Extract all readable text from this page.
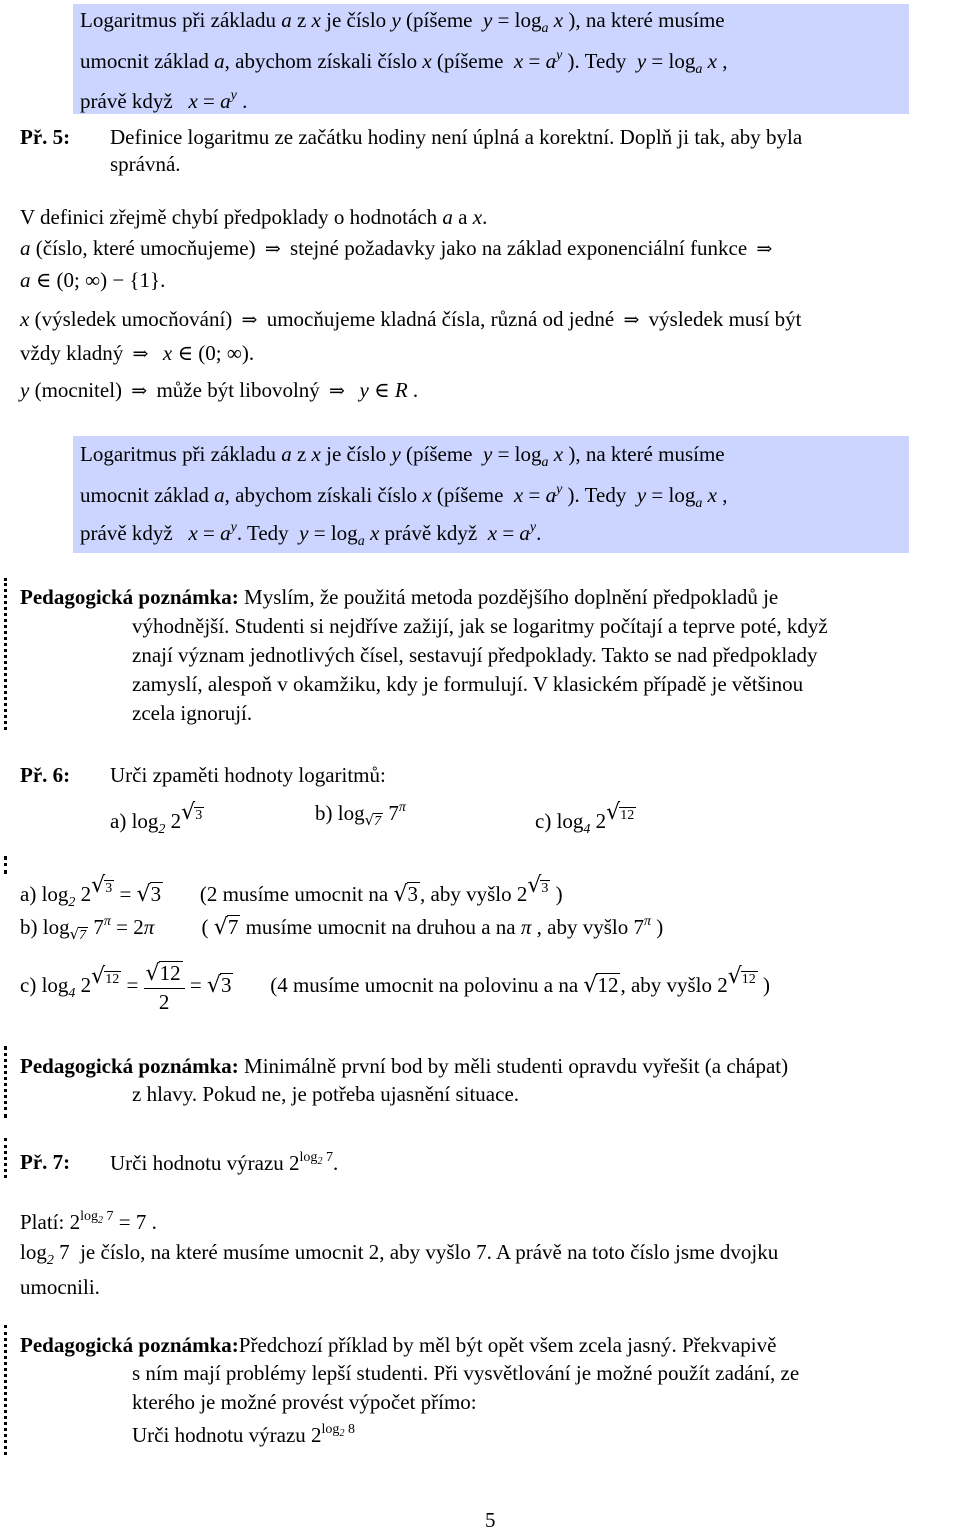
Logaritmus při základu a z x je číslo y (píšeme $y = \log_a x$ ), na které musíme
umocnit základ a, abychom získali číslo x (píšeme $x = a^y$ ). Tedy $y = \log_a x$ ,
právě když $x = a^y$ .
Př. 5: Definice logaritmu ze začátku hodiny není úplná a korektní. Doplň ji tak, aby byla
správná.
V definici zřejmě chybí předpoklady o hodnotách a a x.
a (číslo, které umocňujeme) ⇒ stejné požadavky jako na základ exponenciální funkce ⇒
a ∈ (0; ∞) − {1}.
x (výsledek umocňování) ⇒ umocňujeme kladná čísla, různá od jedné ⇒ výsledek musí být
vždy kladný ⇒ x ∈ (0; ∞).
y (mocnitel) ⇒ může být libovolný ⇒ y ∈ R .
Logaritmus při základu a z x je číslo y (píšeme $y = \log_a x$ ), na které musíme
umocnit základ a, abychom získali číslo x (píšeme $x = a^y$ ). Tedy $y = \log_a x$ ,
právě když $x = a^y$. Tedy $y = \log_a x$ právě když $x = a^y$.
Pedagogická poznámka: Myslím, že použitá metoda pozdějšího doplnění předpokladů je
výhodnější. Studenti si nejdříve zažijí, jak se logaritmy počítají a teprve poté, když
znají význam jednotlivých čísel, sestavují předpoklady. Takto se nad předpoklady
zamyslí, alespoň v okamžiku, kdy je formulují. V klasickém případě je většinou
zcela ignorují.
Př. 6: Urči zpaměti hodnoty logaritmů:
a) $\log_2 2^{√3}$	b) $\log_{√7} 7^\pi$
c) $\log_4 2^{√12}$
a) $\log_2 2^{√3} = √3$ (2 musíme umocnit na √3, aby vyšlo $2^{√3}$ )
b) $\log_{√7} 7^\pi = 2\pi$         ( √7 musíme umocnit na druhou a na π , aby vyšlo $7^\pi$ )
c) $\log_4 2^{√12} = \frac{√12}{2} = √3$ (4 musíme umocnit na polovinu a na √12, aby vyšlo $2^{√12}$ )
Pedagogická poznámka: Minimálně první bod by měli studenti opravdu vyřešit (a chápat)
z hlavy. Pokud ne, je potřeba ujasnění situace.
Př. 7: Urči hodnotu výrazu $2^{log_2 7}$.
Platí: $2^{log_2 7} = 7$ .
$\log_2 7$  je číslo, na které musíme umocnit 2, aby vyšlo 7. A právě na toto číslo jsme dvojku
umocnili.
Pedagogická poznámka:Předchozí příklad by měl být opět všem zcela jasný. Překvapivě
s ním mají problémy lepší studenti. Při vysvětlování je možné použít zadání, ze
kterého je možné provést výpočet přímo:
Urči hodnotu výrazu $2^{log_2 8}$
5
